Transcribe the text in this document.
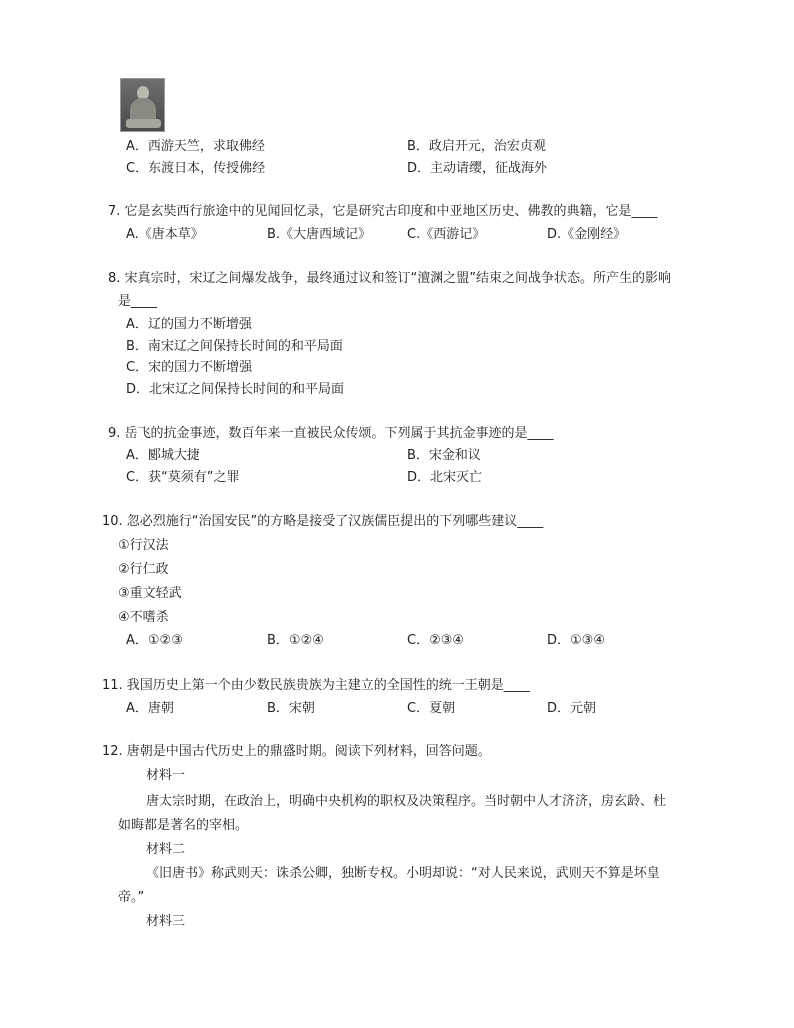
A．西游天竺，求取佛经	B．政启开元，治宏贞观
C．东渡日本，传授佛经	D．主动请缨，征战海外
7. 它是玄奘西行旅途中的见闻回忆录，它是研究古印度和中亚地区历史、佛教的典籍，它是____
A.《唐本草》	B.《大唐西域记》	C.《西游记》	D.《金刚经》
8. 宋真宗时，宋辽之间爆发战争，最终通过议和签订“澶渊之盟”结束之间战争状态。所产生的影响
是____
A．辽的国力不断增强
B．南宋辽之间保持长时间的和平局面
C．宋的国力不断增强
D．北宋辽之间保持长时间的和平局面
9. 岳飞的抗金事迹，数百年来一直被民众传颂。下列属于其抗金事迹的是____
A．郾城大捷	B．宋金和议
C．获“莫须有”之罪	D．北宋灭亡
10. 忽必烈施行“治国安民”的方略是接受了汉族儒臣提出的下列哪些建议____
①行汉法
②行仁政
③重文轻武
④不嗜杀
A．①②③	B．①②④	C．②③④	D．①③④
11. 我国历史上第一个由少数民族贵族为主建立的全国性的统一王朝是____
A．唐朝	B．宋朝	C．夏朝	D．元朝
12. 唐朝是中国古代历史上的鼎盛时期。阅读下列材料，回答问题。
材料一
唐太宗时期，在政治上，明确中央机构的职权及决策程序。当时朝中人才济济，房玄龄、杜
如晦都是著名的宰相。
材料二
《旧唐书》称武则天：诛杀公卿，独断专权。小明却说：“对人民来说，武则天不算是坏皇
帝。”
材料三
